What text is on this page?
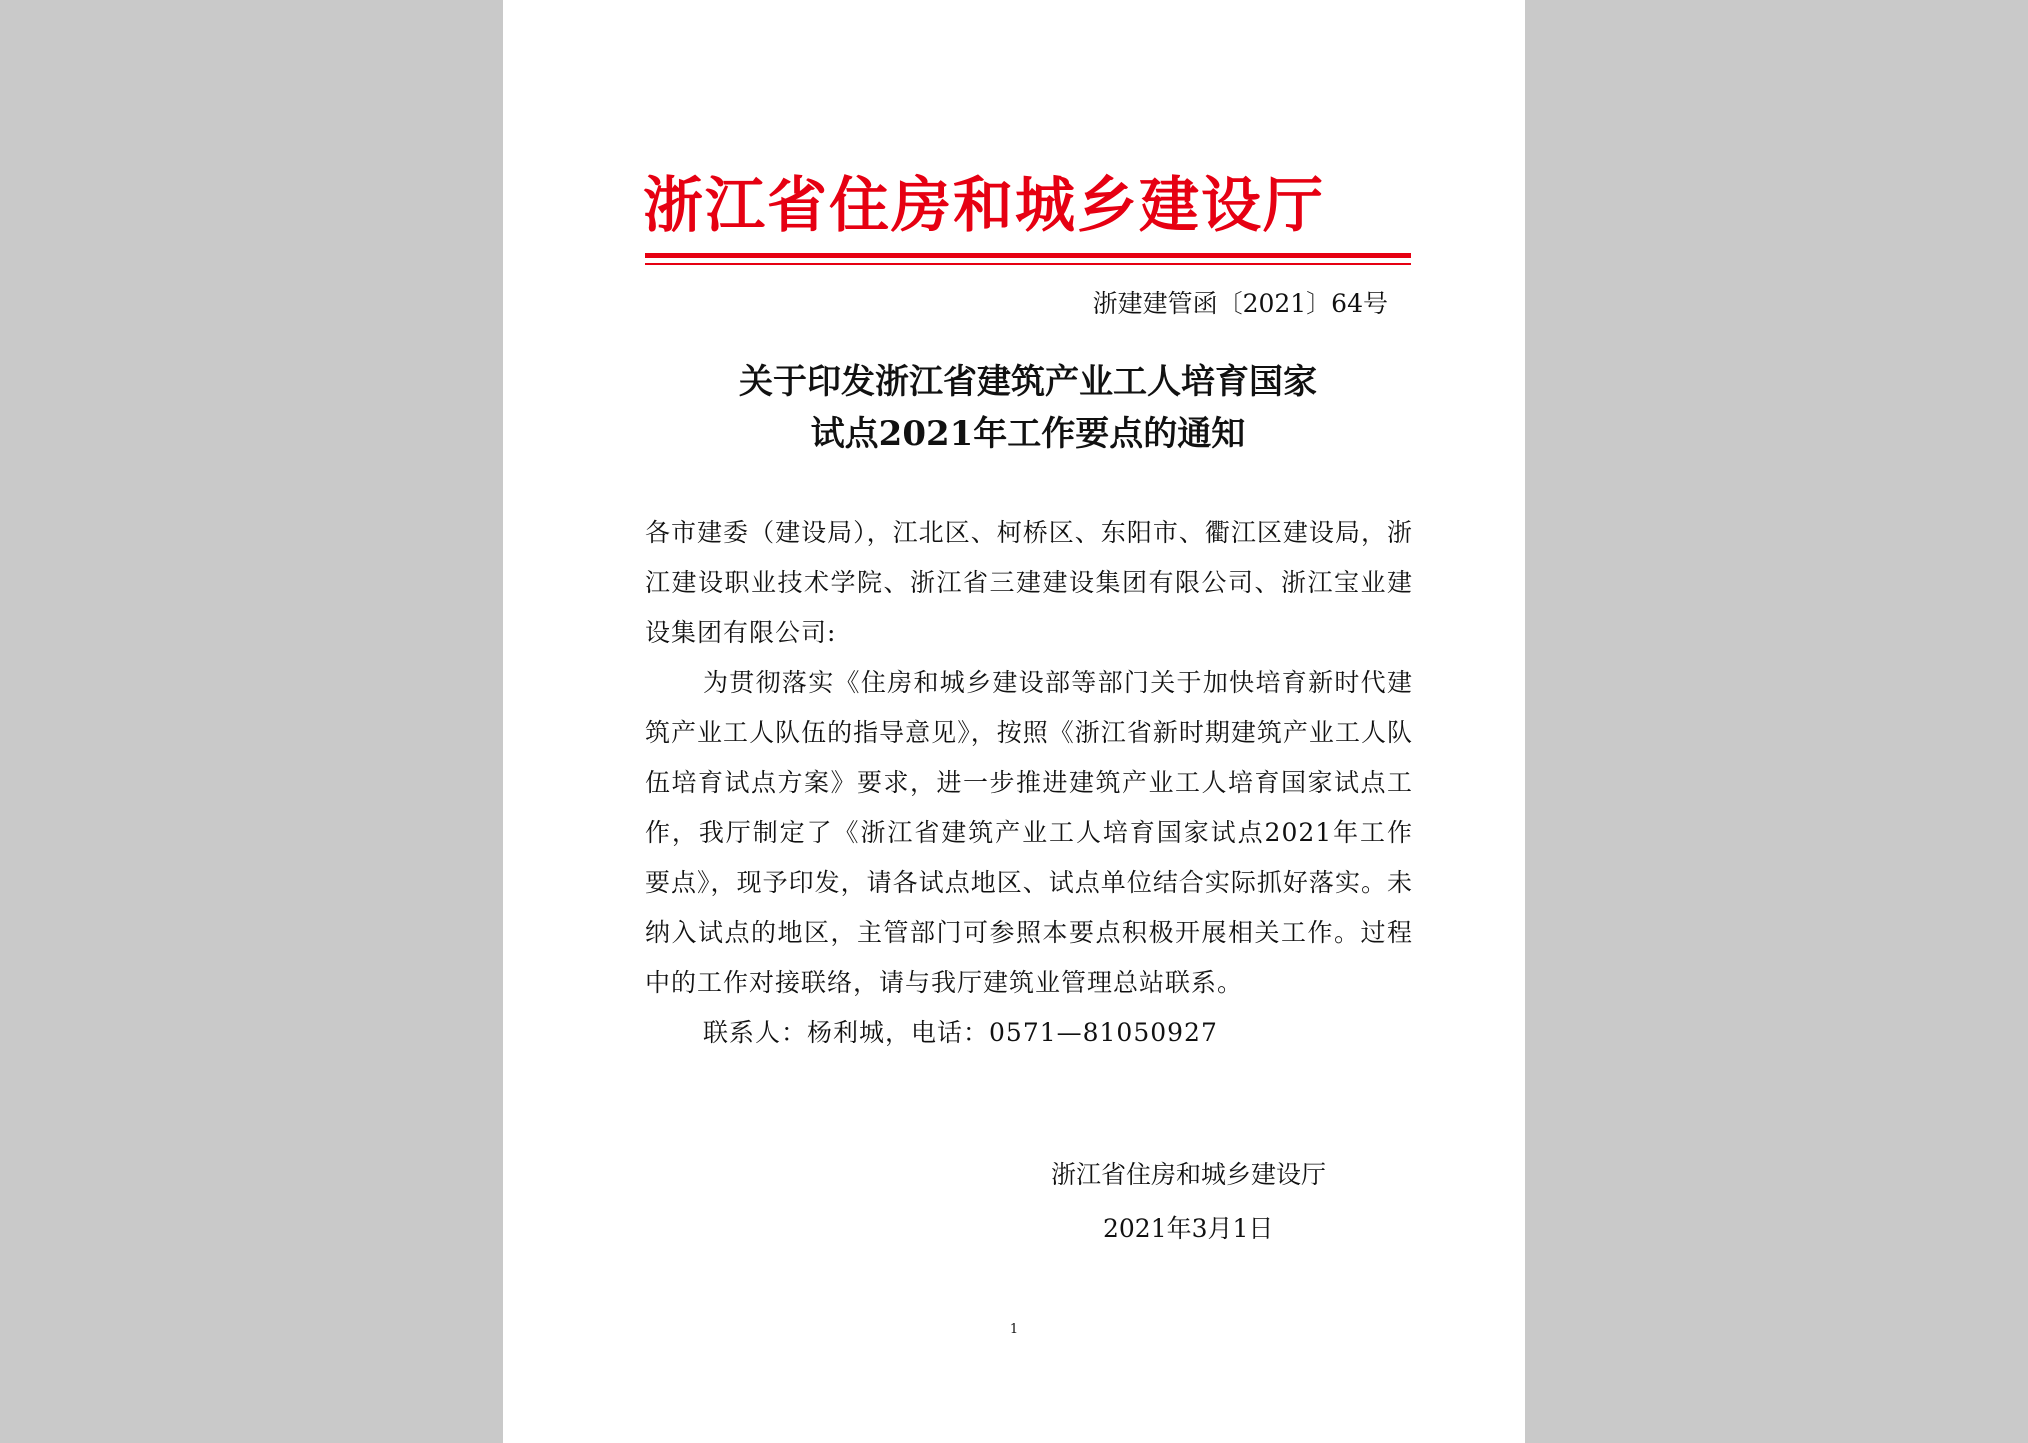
浙江省住房和城乡建设厅
浙建建管函〔2021〕64号
关于印发浙江省建筑产业工人培育国家
试点2021年工作要点的通知

各市建委（建设局），江北区、柯桥区、东阳市、衢江区建设局，浙江建设职业技术学院、浙江省三建建设集团有限公司、浙江宝业建设集团有限公司:

为贯彻落实《住房和城乡建设部等部门关于加快培育新时代建筑产业工人队伍的指导意见》，按照《浙江省新时期建筑产业工人队伍培育试点方案》要求，进一步推进建筑产业工人培育国家试点工作，我厅制定了《浙江省建筑产业工人培育国家试点2021年工作要点》，现予印发，请各试点地区、试点单位结合实际抓好落实。未纳入试点的地区，主管部门可参照本要点积极开展相关工作。过程中的工作对接联络，请与我厅建筑业管理总站联系。

联系人：杨利城，电话：0571—81050927

浙江省住房和城乡建设厅
2021年3月1日
1
